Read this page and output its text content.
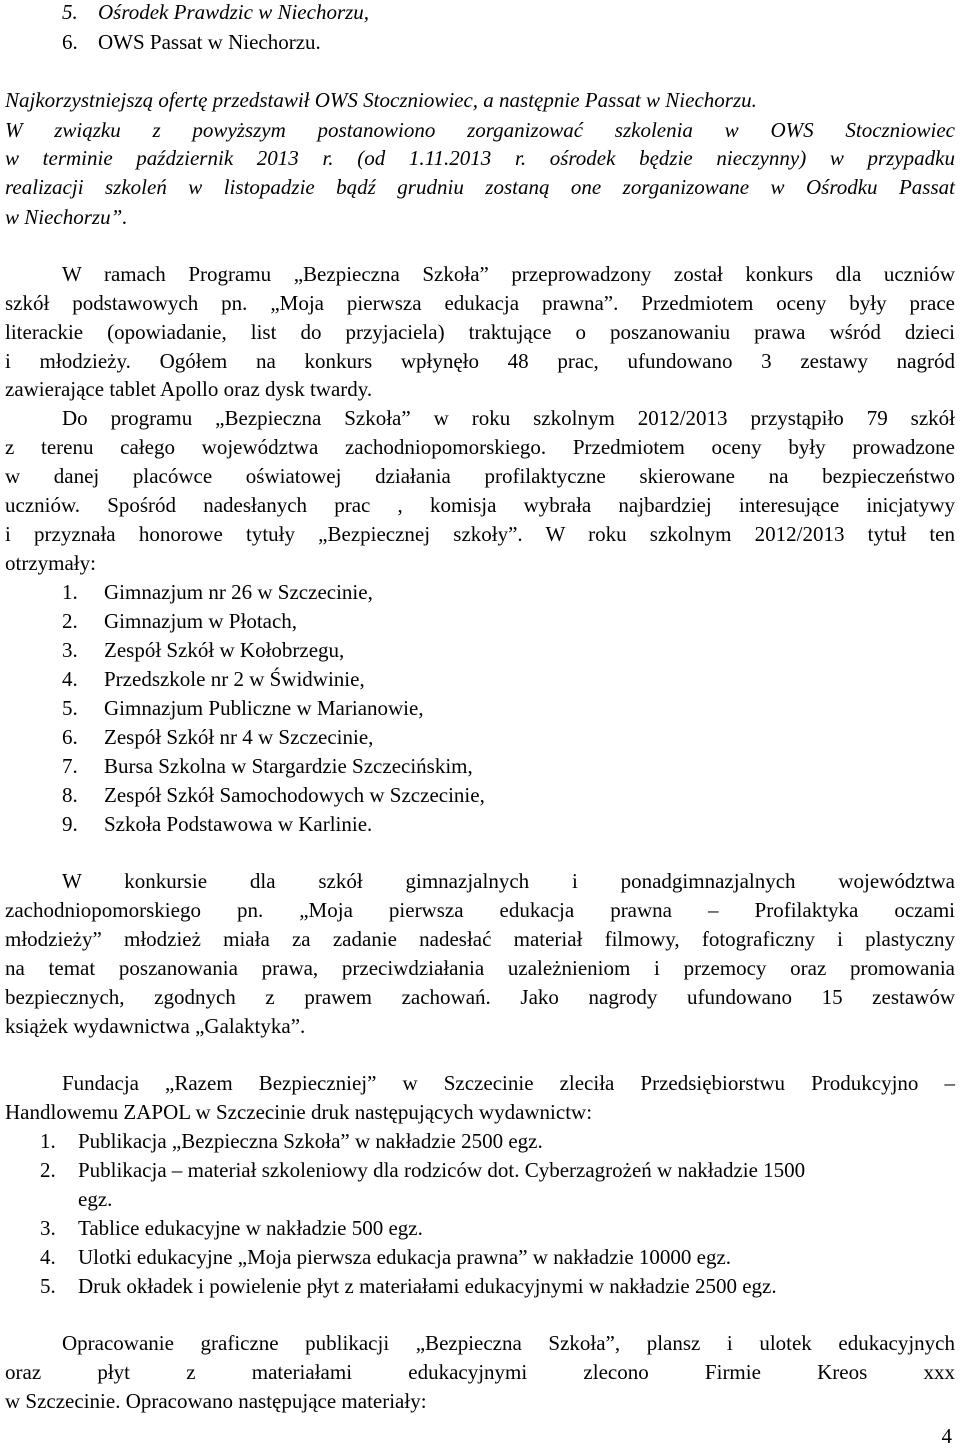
5. Ośrodek Prawdzic w Niechorzu,
6. OWS Passat w Niechorzu.
Najkorzystniejszą ofertę przedstawił OWS Stoczniowiec, a następnie Passat w Niechorzu.
W związku z powyższym postanowiono zorganizować szkolenia w OWS Stoczniowiec
w terminie październik 2013 r. (od 1.11.2013 r. ośrodek będzie nieczynny) w przypadku
realizacji szkoleń w listopadzie bądź grudniu zostaną one zorganizowane w Ośrodku Passat
w Niechorzu”.
W ramach Programu „Bezpieczna Szkoła” przeprowadzony został konkurs dla uczniów
szkół podstawowych pn. „Moja pierwsza edukacja prawna”. Przedmiotem oceny były prace
literackie (opowiadanie, list do przyjaciela) traktujące o poszanowaniu prawa wśród dzieci
i młodzieży. Ogółem na konkurs wpłynęło 48 prac, ufundowano 3 zestawy nagród
zawierające tablet Apollo oraz dysk twardy.
Do programu „Bezpieczna Szkoła” w roku szkolnym 2012/2013 przystąpiło 79 szkół
z terenu całego województwa zachodniopomorskiego. Przedmiotem oceny były prowadzone
w danej placówce oświatowej działania profilaktyczne skierowane na bezpieczeństwo
uczniów. Spośród nadesłanych prac , komisja wybrała najbardziej interesujące inicjatywy
i przyznała honorowe tytuły „Bezpiecznej szkoły”. W roku szkolnym 2012/2013 tytuł ten
otrzymały:
1. Gimnazjum nr 26 w Szczecinie,
2. Gimnazjum w Płotach,
3. Zespół Szkół w Kołobrzegu,
4. Przedszkole nr 2 w Świdwinie,
5. Gimnazjum Publiczne w Marianowie,
6. Zespół Szkół nr 4 w Szczecinie,
7. Bursa Szkolna w Stargardzie Szczecińskim,
8. Zespół Szkół Samochodowych w Szczecinie,
9. Szkoła Podstawowa w Karlinie.
W konkursie dla szkół gimnazjalnych i ponadgimnazjalnych województwa
zachodniopomorskiego pn. „Moja pierwsza edukacja prawna – Profilaktyka oczami
młodzieży” młodzież miała za zadanie nadesłać materiał filmowy, fotograficzny i plastyczny
na temat poszanowania prawa, przeciwdziałania uzależnieniom i przemocy oraz promowania
bezpiecznych, zgodnych z prawem zachowań. Jako nagrody ufundowano 15 zestawów
książek wydawnictwa „Galaktyka”.
Fundacja „Razem Bezpieczniej” w Szczecinie zleciła Przedsiębiorstwu Produkcyjno –
Handlowemu ZAPOL w Szczecinie druk następujących wydawnictw:
1. Publikacja „Bezpieczna Szkoła” w nakładzie 2500 egz.
2. Publikacja – materiał szkoleniowy dla rodziców dot. Cyberzagrożeń w nakładzie 1500
egz.
3. Tablice edukacyjne w nakładzie 500 egz.
4. Ulotki edukacyjne „Moja pierwsza edukacja prawna” w nakładzie 10000 egz.
5. Druk okładek i powielenie płyt z materiałami edukacyjnymi w nakładzie 2500 egz.
Opracowanie graficzne publikacji „Bezpieczna Szkoła”, plansz i ulotek edukacyjnych
oraz płyt z materiałami edukacyjnymi zlecono Firmie Kreos xxx
w Szczecinie. Opracowano następujące materiały:
4
